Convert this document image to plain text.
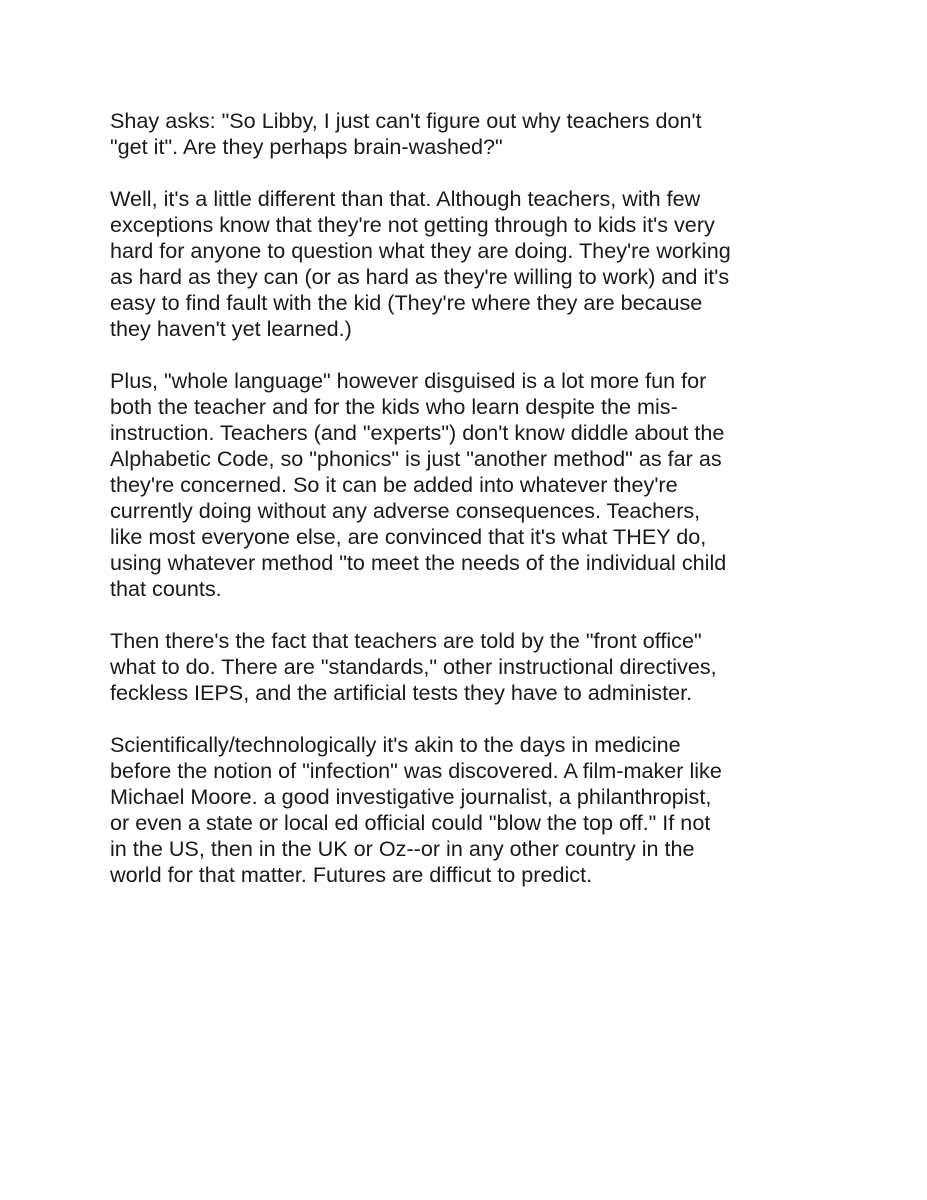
Shay asks: "So Libby, I just can't figure out why teachers don't
"get it". Are they perhaps brain-washed?"

Well, it's a little different than that. Although teachers, with few
exceptions know that they're not getting through to kids it's very
hard for anyone to question what they are doing. They're working
as hard as they can (or as hard as they're willing to work) and it's
easy to find fault with the kid (They're where they are because
they haven't yet learned.)

Plus, "whole language" however disguised is a lot more fun for
both the teacher and for the kids who learn despite the mis-
instruction. Teachers (and "experts") don't know diddle about the
Alphabetic Code, so "phonics" is just "another method" as far as
they're concerned. So it can be added into whatever they're
currently doing without any adverse consequences. Teachers,
like most everyone else, are convinced that it's what THEY do,
using whatever method "to meet the needs of the individual child
that counts.

Then there's the fact that teachers are told by the "front office"
what to do. There are "standards," other instructional directives,
feckless IEPS, and the artificial tests they have to administer.

Scientifically/technologically it's akin to the days in medicine
before the notion of "infection" was discovered. A film-maker like
Michael Moore. a good investigative journalist, a philanthropist,
or even a state or local ed official could "blow the top off." If not
in the US, then in the UK or Oz--or in any other country in the
world for that matter. Futures are difficut to predict.
